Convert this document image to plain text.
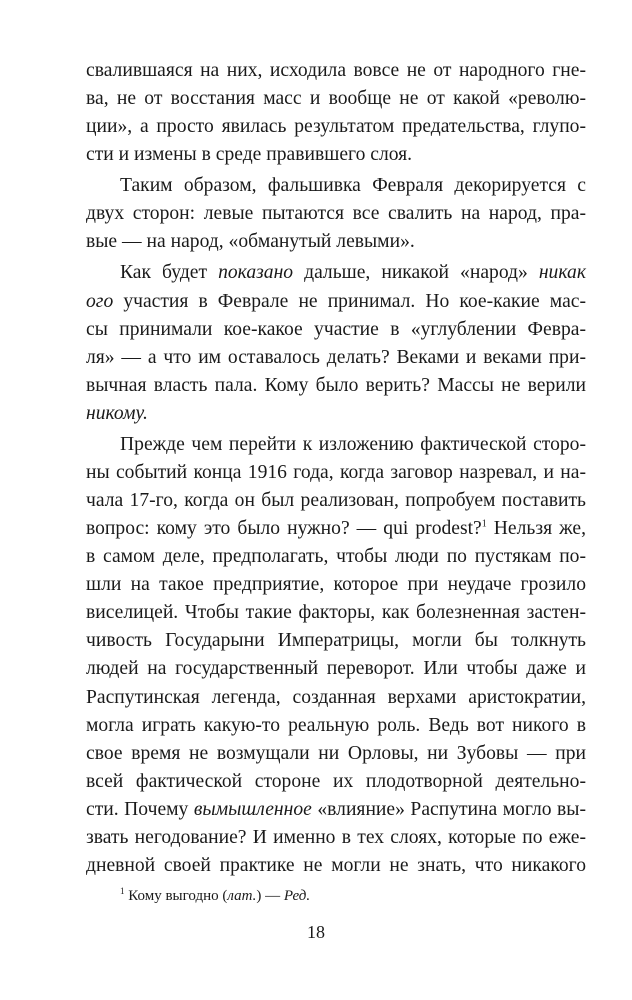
свалившаяся на них, исходила вовсе не от народного гне-
ва, не от восстания масс и вообще не от какой «револю-
ции», а просто явилась результатом предательства, глупо-
сти и измены в среде правившего слоя.
Таким образом, фальшивка Февраля декорируется с
двух сторон: левые пытаются все свалить на народ, пра-
вые — на народ, «обманутый левыми».
Как будет показано дальше, никакой «народ» никак
ого участия в Феврале не принимал. Но кое-какие мас-
сы принимали кое-какое участие в «углублении Февра-
ля» — а что им оставалось делать? Веками и веками при-
вычная власть пала. Кому было верить? Массы не верили
никому.
Прежде чем перейти к изложению фактической сторо-
ны событий конца 1916 года, когда заговор назревал, и на-
чала 17-го, когда он был реализован, попробуем поставить
вопрос: кому это было нужно? — qui prodest?$^1$ Нельзя же,
в самом деле, предполагать, чтобы люди по пустякам по-
шли на такое предприятие, которое при неудаче грозило
виселицей. Чтобы такие факторы, как болезненная застен-
чивость Государыни Императрицы, могли бы толкнуть
людей на государственный переворот. Или чтобы даже и
Распутинская легенда, созданная верхами аристократии,
могла играть какую-то реальную роль. Ведь вот никого в
свое время не возмущали ни Орловы, ни Зубовы — при
всей фактической стороне их плодотворной деятельно-
сти. Почему вымышленное «влияние» Распутина могло вы-
звать негодование? И именно в тех слоях, которые по еже-
дневной своей практике не могли не знать, что никакого
$^1$ Кому выгодно (лат.) — Ред.
18
